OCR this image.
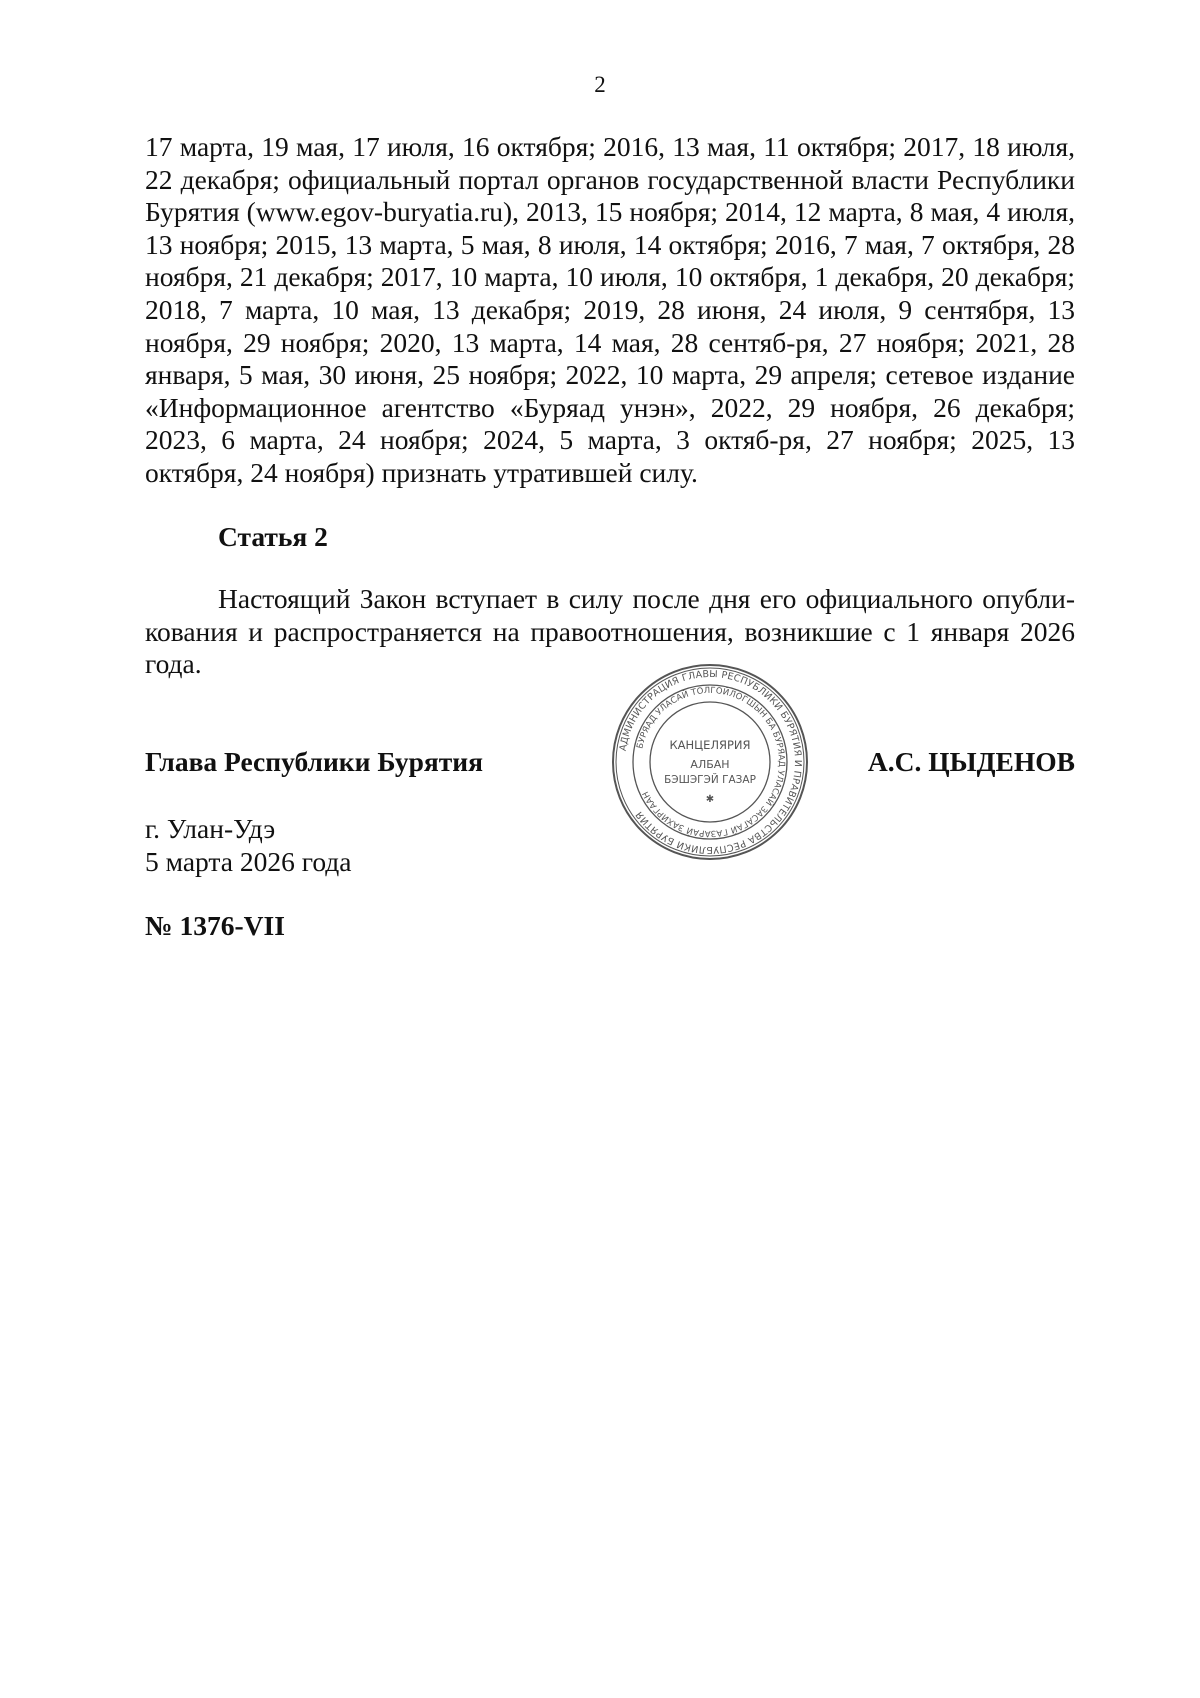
2
17 марта, 19 мая, 17 июля, 16 октября; 2016, 13 мая, 11 октября; 2017, 18 июля, 22 декабря; официальный портал органов государственной власти Республики Бурятия (www.egov-buryatia.ru), 2013, 15 ноября; 2014, 12 марта, 8 мая, 4 июля, 13 ноября; 2015, 13 марта, 5 мая, 8 июля, 14 октября; 2016, 7 мая, 7 октября, 28 ноября, 21 декабря; 2017, 10 марта, 10 июля, 10 октября, 1 декабря, 20 декабря; 2018, 7 марта, 10 мая, 13 декабря; 2019, 28 июня, 24 июля, 9 сентября, 13 ноября, 29 ноября; 2020, 13 марта, 14 мая, 28 сентяб-ря, 27 ноября; 2021, 28 января, 5 мая, 30 июня, 25 ноября; 2022, 10 марта, 29 апреля; сетевое издание «Информационное агентство «Буряад унэн», 2022, 29 ноября, 26 декабря; 2023, 6 марта, 24 ноября; 2024, 5 марта, 3 октяб-ря, 27 ноября; 2025, 13 октября, 24 ноября) признать утратившей силу.
Статья 2
Настоящий Закон вступает в силу после дня его официального опубли-кования и распространяется на правоотношения, возникшие с 1 января 2026 года.
Глава Республики Бурятия	АДМИНИСТРАЦИЯ ГЛАВЫ РЕСПУБЛИКИ БУРЯТИЯ И ПРАВИТЕЛЬСТВА РЕСПУБЛИКИ БУРЯТИЯ
БУРЯАД УЛАСАЙ ТОЛГОЙЛОГШЫН БА БУРЯАД УЛАСАЙ ЗАСАГАЙ ГАЗАРАЙ ЗАХИРГААН
КАНЦЕЛЯРИЯ
АЛБАН
БЭШЭГЭЙ ГАЗАР
✱
А.С. ЦЫДЕНОВ
г. Улан-Удэ
5 марта 2026 года
№ 1376-VII
